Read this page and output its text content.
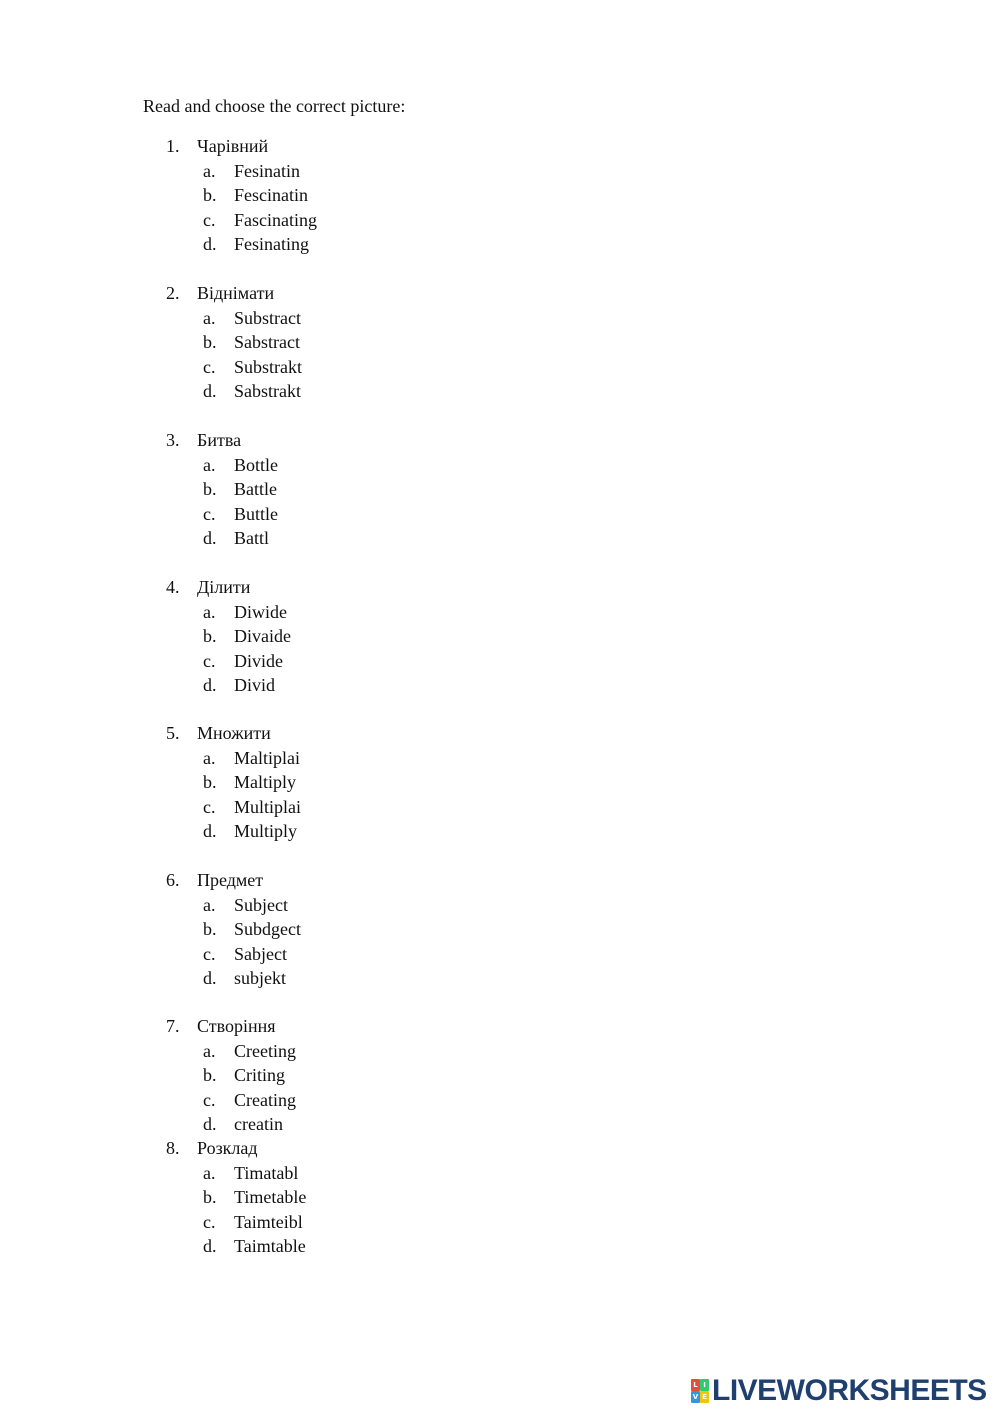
Read and choose the correct picture:
1. Чарівний
a. Fesinatin
b. Fescinatin
c. Fascinating
d. Fesinating
2. Віднімати
a. Substract
b. Sabstract
c. Substrakt
d. Sabstrakt
3. Битва
a. Bottle
b. Battle
c. Buttle
d. Battl
4. Ділити
a. Diwide
b. Divaide
c. Divide
d. Divid
5. Множити
a. Maltiplai
b. Maltiply
c. Multiplai
d. Multiply
6. Предмет
a. Subject
b. Subdgect
c. Sabject
d. subjekt
7. Створіння
a. Creeting
b. Criting
c. Creating
d. creatin
8. Розклад
a. Timatabl
b. Timetable
c. Taimteibl
d. Taimtable
L I
V E LIVEWORKSHEETS
